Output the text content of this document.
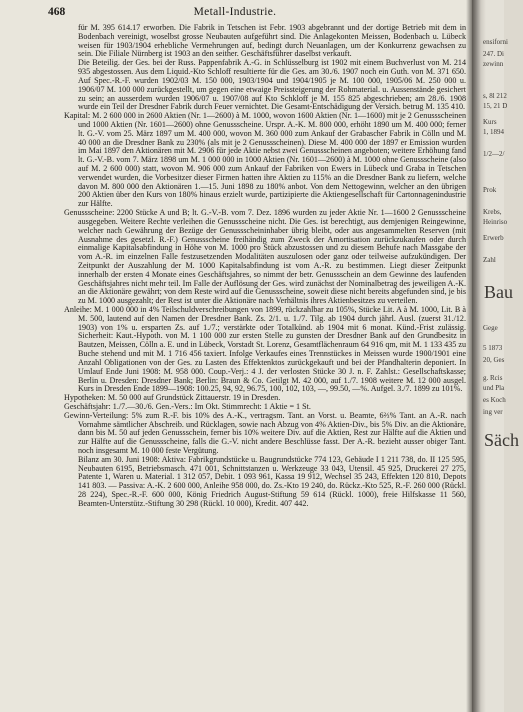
468	Metall-Industrie.

für M. 395 614.17 erworben. Die Fabrik in Tetschen ist Febr. 1903 abgebrannt und der dortige Betrieb mit dem in Bodenbach vereinigt, woselbst grosse Neubauten aufgeführt sind. Die Anlagekonten Meissen, Bodenbach u. Lübeck weisen für 1903/1904 erhebliche Vermehrungen auf, bedingt durch Neuanlagen, um der Konkurrenz gewachsen zu sein. Die Filiale Nürnberg ist 1903 an den seither. Geschäftsführer daselbst verkauft.

Die Beteilig. der Ges. bei der Russ. Pappenfabrik A.-G. in Schlüsselburg ist 1902 mit einem Buchverlust von M. 214 935 abgestossen. Aus dem Liquid.-Kto Schloff resultierte für die Ges. am 30./6. 1907 noch ein Guth. von M. 371 650. Auf Spec.-R.-F. wurden 1902/03 M. 150 000, 1903/1904 und 1904/1905 je M. 100 000, 1905/06 M. 250 000 u. 1906/07 M. 100 000 zurückgestellt, um gegen eine etwaige Preissteigerung der Rohmaterial. u. Aussenstände gesichert zu sein; an ausserdem wurden 1906/07 u. 1907/08 auf Kto Schkloff je M. 155 825 abgeschrieben; am 28./6. 1908 wurde ein Teil der Dresdner Fabrik durch Feuer vernichtet. Die Gesamt-Entschädigung der Versich. betrug M. 135 410.

Kapital: M. 2 600 000 in 2600 Aktien (Nr. 1—2600) à M. 1000, wovon 1600 Aktien (Nr. 1—1600) mit je 2 Genussscheinen und 1000 Aktien (Nr. 1601—2600) ohne Genussscheine. Urspr. A.-K. M. 800 000, erhöht 1890 um M. 400 000; ferner lt. G.-V. vom 25. März 1897 um M. 400 000, wovon M. 360 000 zum Ankauf der Grabascher Fabrik in Cölln und M. 40 000 an die Dresdner Bank zu 230% (als mit je 2 Genussscheinen). Diese M. 400 000 der 1897 er Emission wurden im Mai 1897 den Aktionären mit M. 2906 für jede Aktie nebst zwei Genussscheinen angeboten; weitere Erhöhung fand lt. G.-V.-B. vom 7. März 1898 um M. 1 000 000 in 1000 Aktien (Nr. 1601—2600) à M. 1000 ohne Genussscheine (also auf M. 2 600 000) statt, wovon M. 906 000 zum Ankauf der Fabriken von Ewers in Lübeck und Graba in Tetschen verwendet wurden, die Vorbesitzer dieser Firmen hatten ihre Aktien zu 115% an die Dresdner Bank zu liefern, welche davon M. 800 000 den Aktionären 1.—15. Juni 1898 zu 180% anbot. Von dem Nettogewinn, welcher an den übrigen 200 Aktien über den Kurs von 180% hinaus erzielt wurde, partizipierte die Aktiengesellschaft für Cartonnagenindustrie zur Hälfte.

Genussscheine: 2200 Stücke A und B; lt. G.-V.-B. vom 7. Dez. 1896 wurden zu jeder Aktie Nr. 1—1600 2 Genussscheine ausgegeben. Weitere Rechte verleihen die Genussscheine nicht. Die Ges. ist berechtigt, aus demjenigen Reingewinne, welcher nach Gewährung der Bezüge der Genussscheininhaber übrig bleibt, oder aus angesammelten Reserven (mit Ausnahme des gesetzl. R.-F.) Genussscheine freihändig zum Zweck der Amortisation zurückzukaufen oder durch einmalige Kapitalsabfindung in Höhe von M. 1000 pro Stück abzustossen und zu diesem Behufe nach Massgabe der vom A.-R. im einzelnen Falle festzusetzenden Modalitäten auszulosen oder ganz oder teilweise aufzukündigen. Der Zeitpunkt der Auszahlung der M. 1000 Kapitalsabfindung ist vom A.-R. zu bestimmen. Liegt dieser Zeitpunkt innerhalb der ersten 4 Monate eines Geschäftsjahres, so nimmt der betr. Genussschein an dem Gewinne des laufenden Geschäftsjahres nicht mehr teil. Im Falle der Auflösung der Ges. wird zunächst der Nominalbetrag des jeweiligen A.-K. an die Aktionäre gewährt; von dem Reste wird auf die Genussscheine, soweit diese nicht bereits abgefunden sind, je bis zu M. 1000 ausgezahlt; der Rest ist unter die Aktionäre nach Verhältnis ihres Aktienbesitzes zu verteilen.

Anleihe: M. 1 000 000 in 4% Teilschuldverschreibungen von 1899, rückzahlbar zu 105%, Stücke Lit. A à M. 1000, Lit. B à M. 500, lautend auf den Namen der Dresdner Bank. Zs. 2/1. u. 1./7. Tilg. ab 1904 durch jährl. Ausl. (zuerst 31./12. 1903) von 1% u. ersparten Zs. auf 1./7.; verstärkte oder Totalkünd. ab 1904 mit 6 monat. Künd.-Frist zulässig. Sicherheit: Kaut.-Hypoth. von M. 1 100 000 zur ersten Stelle zu gunsten der Dresdner Bank auf den Grundbesitz in Bautzen, Meissen, Cölln a. E. und in Lübeck, Vorstadt St. Lorenz, Gesamtflächenraum 64 916 qm, mit M. 1 133 435 zu Buche stehend und mit M. 1 716 456 taxiert. Infolge Verkaufes eines Trennstückes in Meissen wurde 1900/1901 eine Anzahl Obligationen von der Ges. zu Lasten des Effektenktos zurückgekauft und bei der Pfandhalterin deponiert. In Umlauf Ende Juni 1908: M. 958 000. Coup.-Verj.: 4 J. der verlosten Stücke 30 J. n. F. Zahlst.: Gesellschaftskasse; Berlin u. Dresden: Dresdner Bank; Berlin: Braun & Co. Getilgt M. 42 000, auf 1./7. 1908 weitere M. 12 000 ausgel. Kurs in Dresden Ende 1899—1908: 100.25, 94, 92, 96.75, 100, 102, 103, —, 99.50, —%. Aufgel. 3./7. 1899 zu 101%.

Hypotheken: M. 50 000 auf Grundstück Zittauerstr. 19 in Dresden.

Geschäftsjahr: 1./7.—30./6. Gen.-Vers.: Im Okt. Stimmrecht: 1 Aktie = 1 St.

Gewinn-Verteilung: 5% zum R.-F. bis 10% des A.-K., vertragsm. Tant. an Vorst. u. Beamte, 6⅔% Tant. an A.-R. nach Vornahme sämtlicher Abschreib. und Rücklagen, sowie nach Abzug von 4% Aktien-Div., bis 5% Div. an die Aktionäre, dann bis M. 50 auf jeden Genussschein, ferner bis 10% weitere Div. auf die Aktien, Rest zur Hälfte auf die Aktien und zur Hälfte auf die Genussscheine, falls die G.-V. nicht andere Beschlüsse fasst. Der A.-R. bezieht ausser obiger Tant. noch insgesamt M. 10 000 feste Vergütung.

Bilanz am 30. Juni 1908: Aktiva: Fabrikgrundstücke u. Baugrundstücke 774 123, Gebäude I 1 211 738, do. II 125 595, Neubauten 6195, Betriebsmasch. 471 001, Schnittstanzen u. Werkzeuge 33 043, Utensil. 45 925, Druckerei 27 275, Patente 1, Waren u. Material. 1 312 057, Debit. 1 093 961, Kassa 19 912, Wechsel 35 243, Effekten 120 810, Depots 141 803. — Passiva: A.-K. 2 600 000, Anleihe 958 000, do. Zs.-Kto 19 240, do. Rückz.-Kto 525, R.-F. 260 000 (Rückl. 28 224), Spec.-R.-F. 600 000, König Friedrich August-Stiftung 59 614 (Rückl. 1000), freie Hilfskasse 11 560, Beamten-Unterstütz.-Stiftung 30 298 (Rückl. 10 000), Kredit. 407 442.

ensiforni
247. Di
zewinn
s, 8l 212
15, 21 D
Kurs
1, 1894
1/2—2/
Prok
Krebs,
Heinriso
Erwerb
Zahl
Bau
Gege
5 1873
20, Ges
g. Rcis
und Pla
es Koch
ing ver
Säch
